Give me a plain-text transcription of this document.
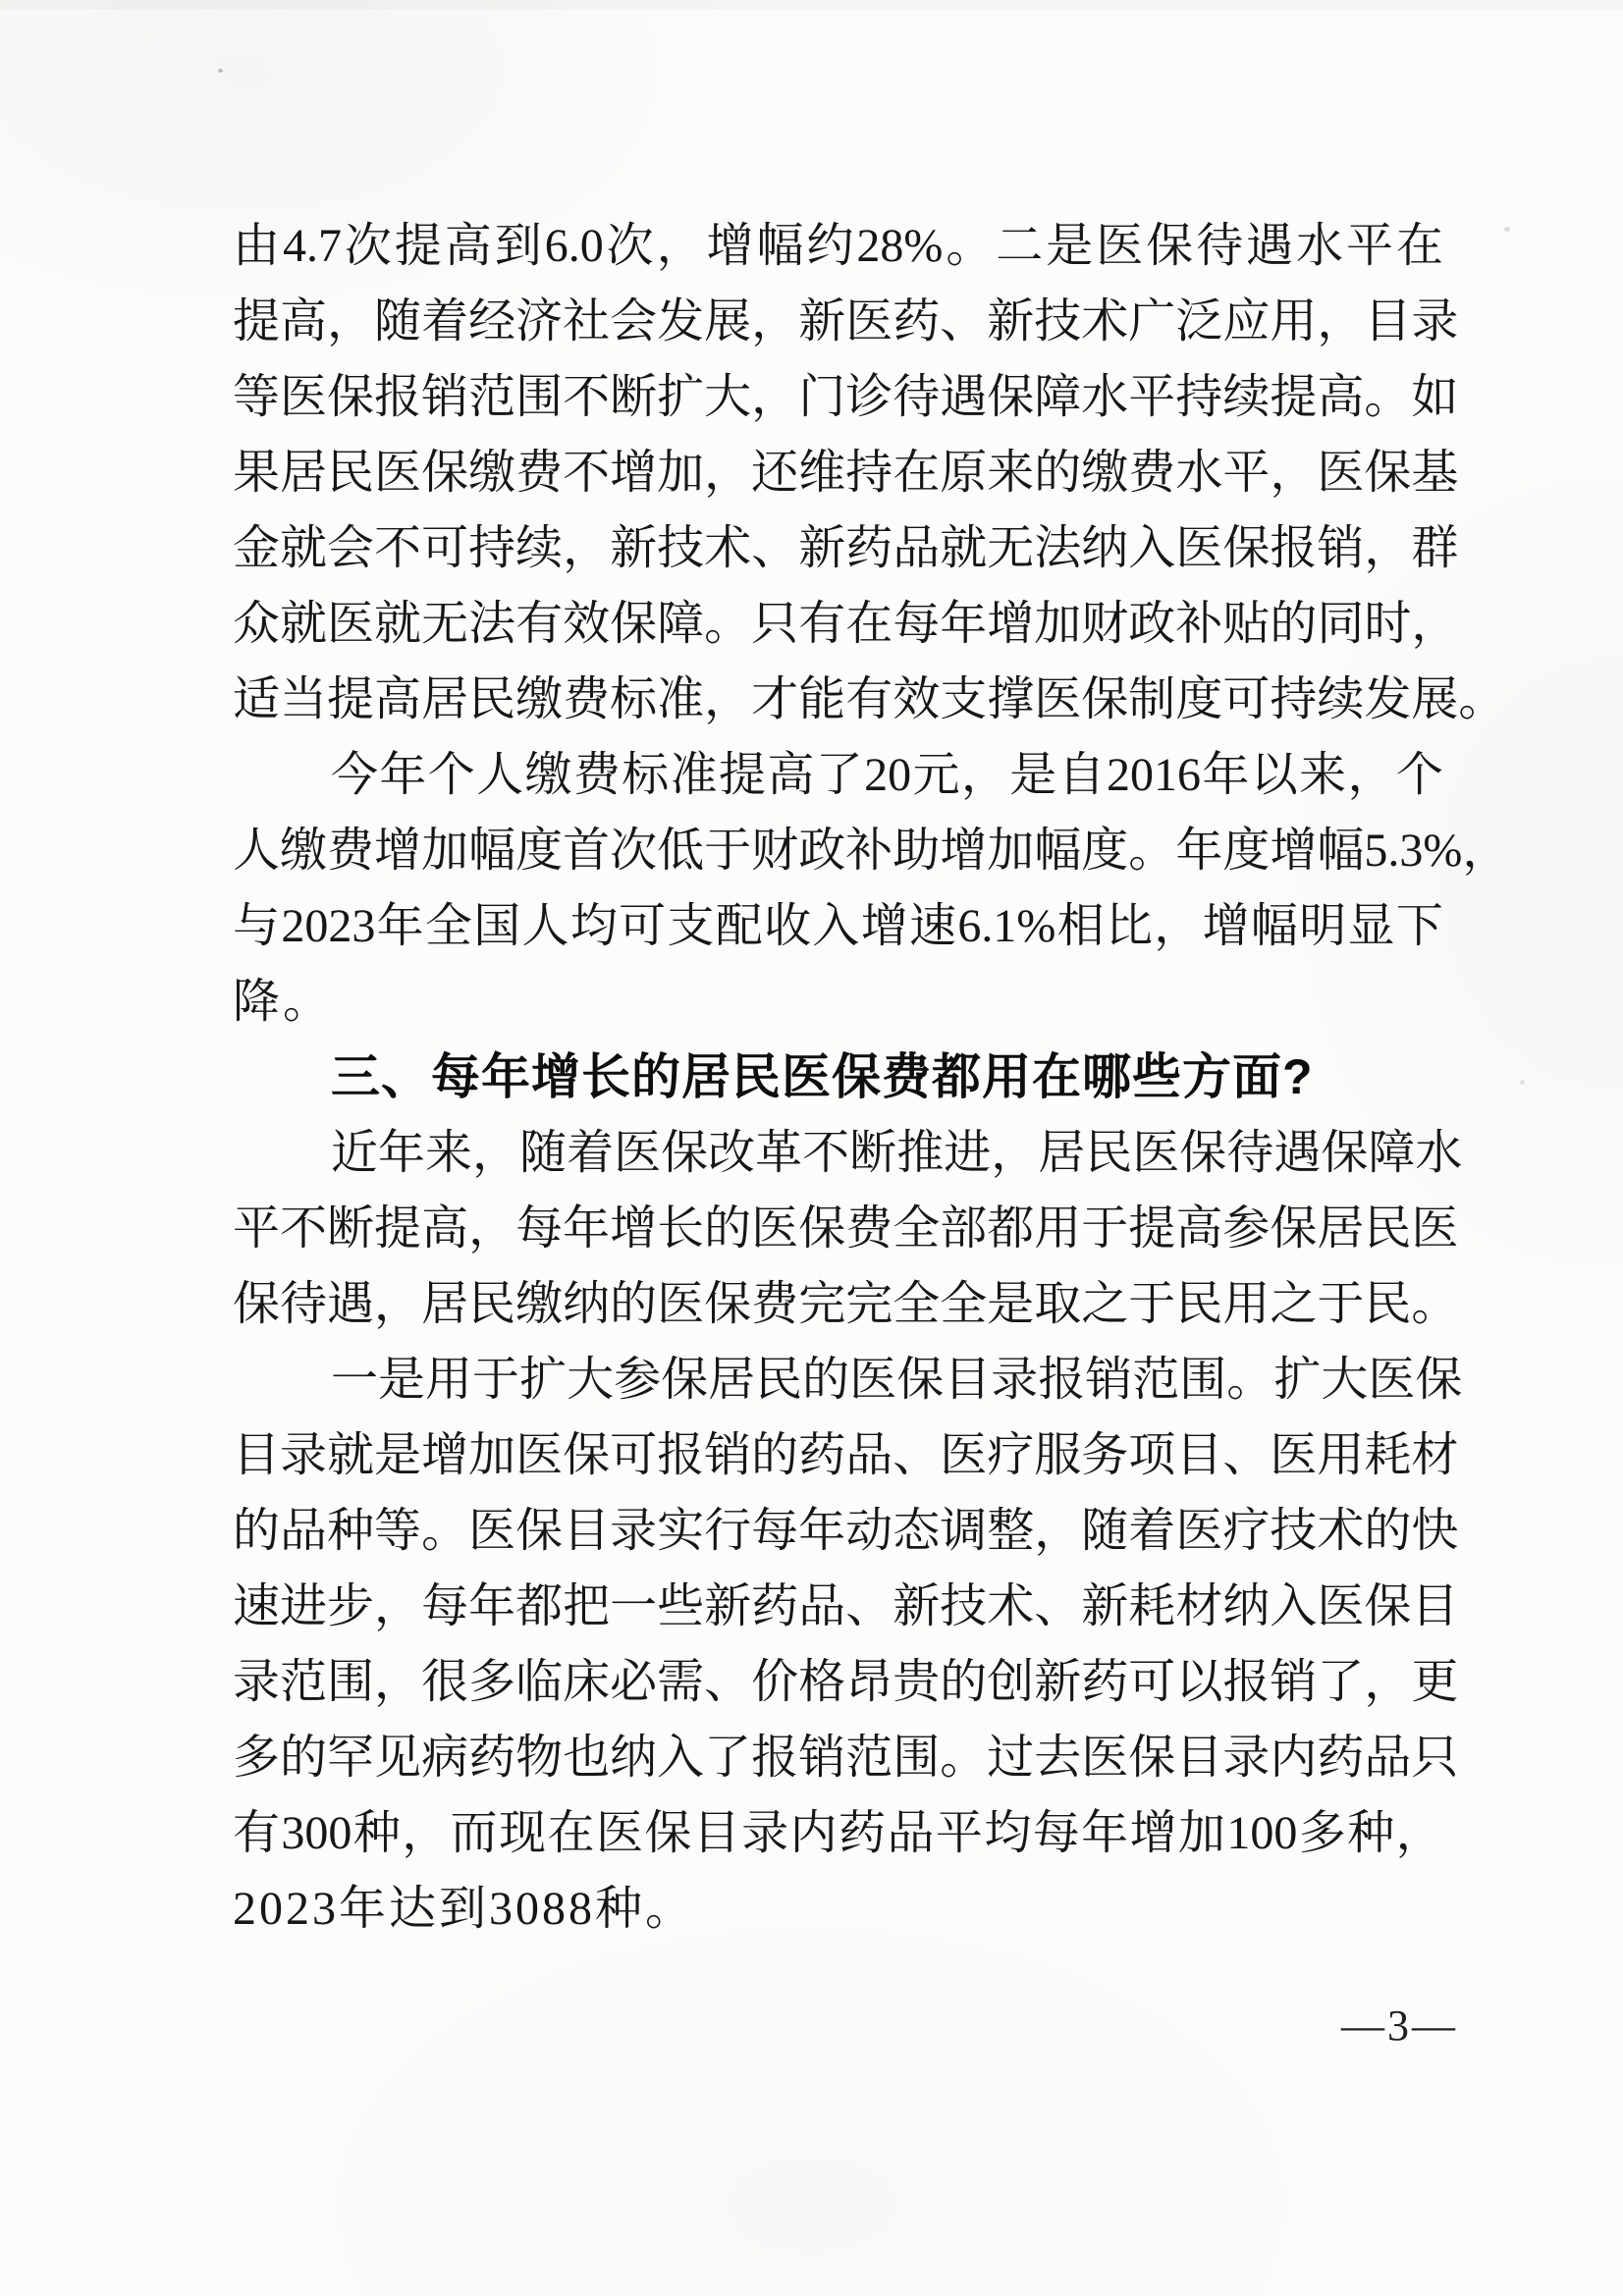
由 4.7 次 提 高 到 6.0 次 ， 增 幅 约 28% 。 二 是 医 保 待 遇 水 平 在
提 高 ， 随 着 经 济 社 会 发 展 ， 新 医 药 、 新 技 术 广 泛 应 用 ， 目 录
等 医 保 报 销 范 围 不 断 扩 大 ， 门 诊 待 遇 保 障 水 平 持 续 提 高 。 如
果 居 民 医 保 缴 费 不 增 加 ， 还 维 持 在 原 来 的 缴 费 水 平 ， 医 保 基
金 就 会 不 可 持 续 ， 新 技 术 、 新 药 品 就 无 法 纳 入 医 保 报 销 ， 群
众 就 医 就 无 法 有 效 保 障 。 只 有 在 每 年 增 加 财 政 补 贴 的 同 时 ，
适 当 提 高 居 民 缴 费 标 准 ， 才 能 有 效 支 撑 医 保 制 度 可 持 续 发 展 。
今 年 个 人 缴 费 标 准 提 高 了 20 元 ， 是 自 2016 年 以 来 ， 个
人 缴 费 增 加 幅 度 首 次 低 于 财 政 补 助 增 加 幅 度 。 年 度 增 幅 5.3% ，
与 2023 年 全 国 人 均 可 支 配 收 入 增 速 6.1% 相 比 ， 增 幅 明 显 下
降。
三、每年增长的居民医保费都用在哪些方面?
近 年 来 ， 随 着 医 保 改 革 不 断 推 进 ， 居 民 医 保 待 遇 保 障 水
平 不 断 提 高 ， 每 年 增 长 的 医 保 费 全 部 都 用 于 提 高 参 保 居 民 医
保 待 遇 ， 居 民 缴 纳 的 医 保 费 完 完 全 全 是 取 之 于 民 用 之 于 民 。
一 是 用 于 扩 大 参 保 居 民 的 医 保 目 录 报 销 范 围 。 扩 大 医 保
目 录 就 是 增 加 医 保 可 报 销 的 药 品 、 医 疗 服 务 项 目 、 医 用 耗 材
的 品 种 等 。 医 保 目 录 实 行 每 年 动 态 调 整 ， 随 着 医 疗 技 术 的 快
速 进 步 ， 每 年 都 把 一 些 新 药 品 、 新 技 术 、 新 耗 材 纳 入 医 保 目
录 范 围 ， 很 多 临 床 必 需 、 价 格 昂 贵 的 创 新 药 可 以 报 销 了 ， 更
多 的 罕 见 病 药 物 也 纳 入 了 报 销 范 围 。 过 去 医 保 目 录 内 药 品 只
有 300 种 ， 而 现 在 医 保 目 录 内 药 品 平 均 每 年 增 加 100 多 种 ，
2023年达到3088种。
—3—
